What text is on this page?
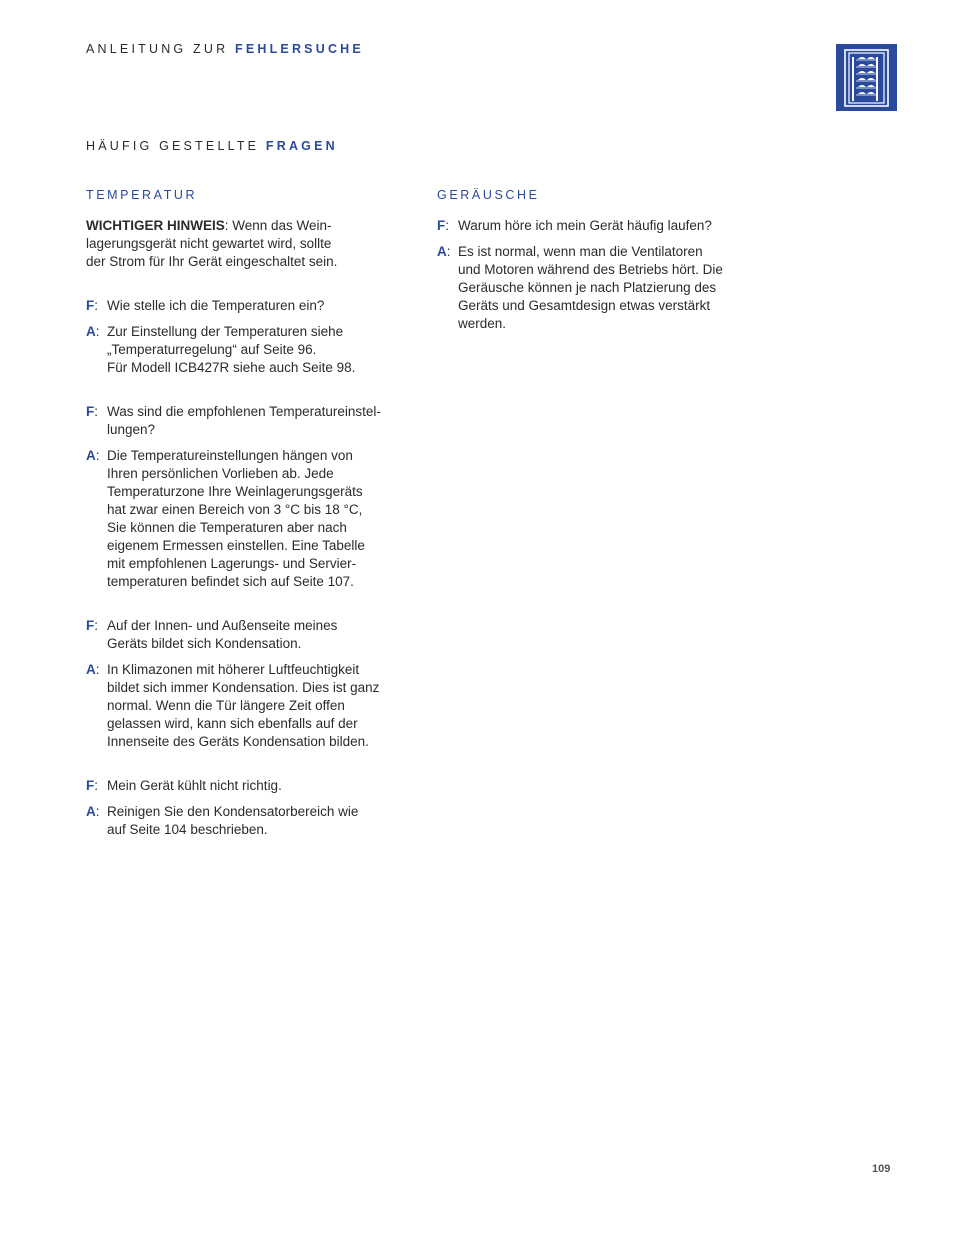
ANLEITUNG ZUR FEHLERSUCHE
HÄUFIG GESTELLTE FRAGEN
TEMPERATUR
WICHTIGER HINWEIS: Wenn das Wein-
lagerungsgerät nicht gewartet wird, sollte
der Strom für Ihr Gerät eingeschaltet sein.
F: Wie stelle ich die Temperaturen ein?
A: Zur Einstellung der Temperaturen siehe
„Temperaturregelung“ auf Seite 96.
Für Modell ICB427R siehe auch Seite 98.
F: Was sind die empfohlenen Temperatureinstel-
lungen?
A: Die Temperatureinstellungen hängen von
Ihren persönlichen Vorlieben ab. Jede
Temperaturzone Ihre Weinlagerungsgeräts
hat zwar einen Bereich von 3 °C bis 18 °C,
Sie können die Temperaturen aber nach
eigenem Ermessen einstellen. Eine Tabelle
mit empfohlenen Lagerungs- und Servier-
temperaturen befindet sich auf Seite 107.
F: Auf der Innen- und Außenseite meines
Geräts bildet sich Kondensation.
A: In Klimazonen mit höherer Luftfeuchtigkeit
bildet sich immer Kondensation. Dies ist ganz
normal. Wenn die Tür längere Zeit offen
gelassen wird, kann sich ebenfalls auf der
Innenseite des Geräts Kondensation bilden.
F: Mein Gerät kühlt nicht richtig.
A: Reinigen Sie den Kondensatorbereich wie
auf Seite 104 beschrieben.
GERÄUSCHE
F: Warum höre ich mein Gerät häufig laufen?
A: Es ist normal, wenn man die Ventilatoren
und Motoren während des Betriebs hört. Die
Geräusche können je nach Platzierung des
Geräts und Gesamtdesign etwas verstärkt
werden.
109
